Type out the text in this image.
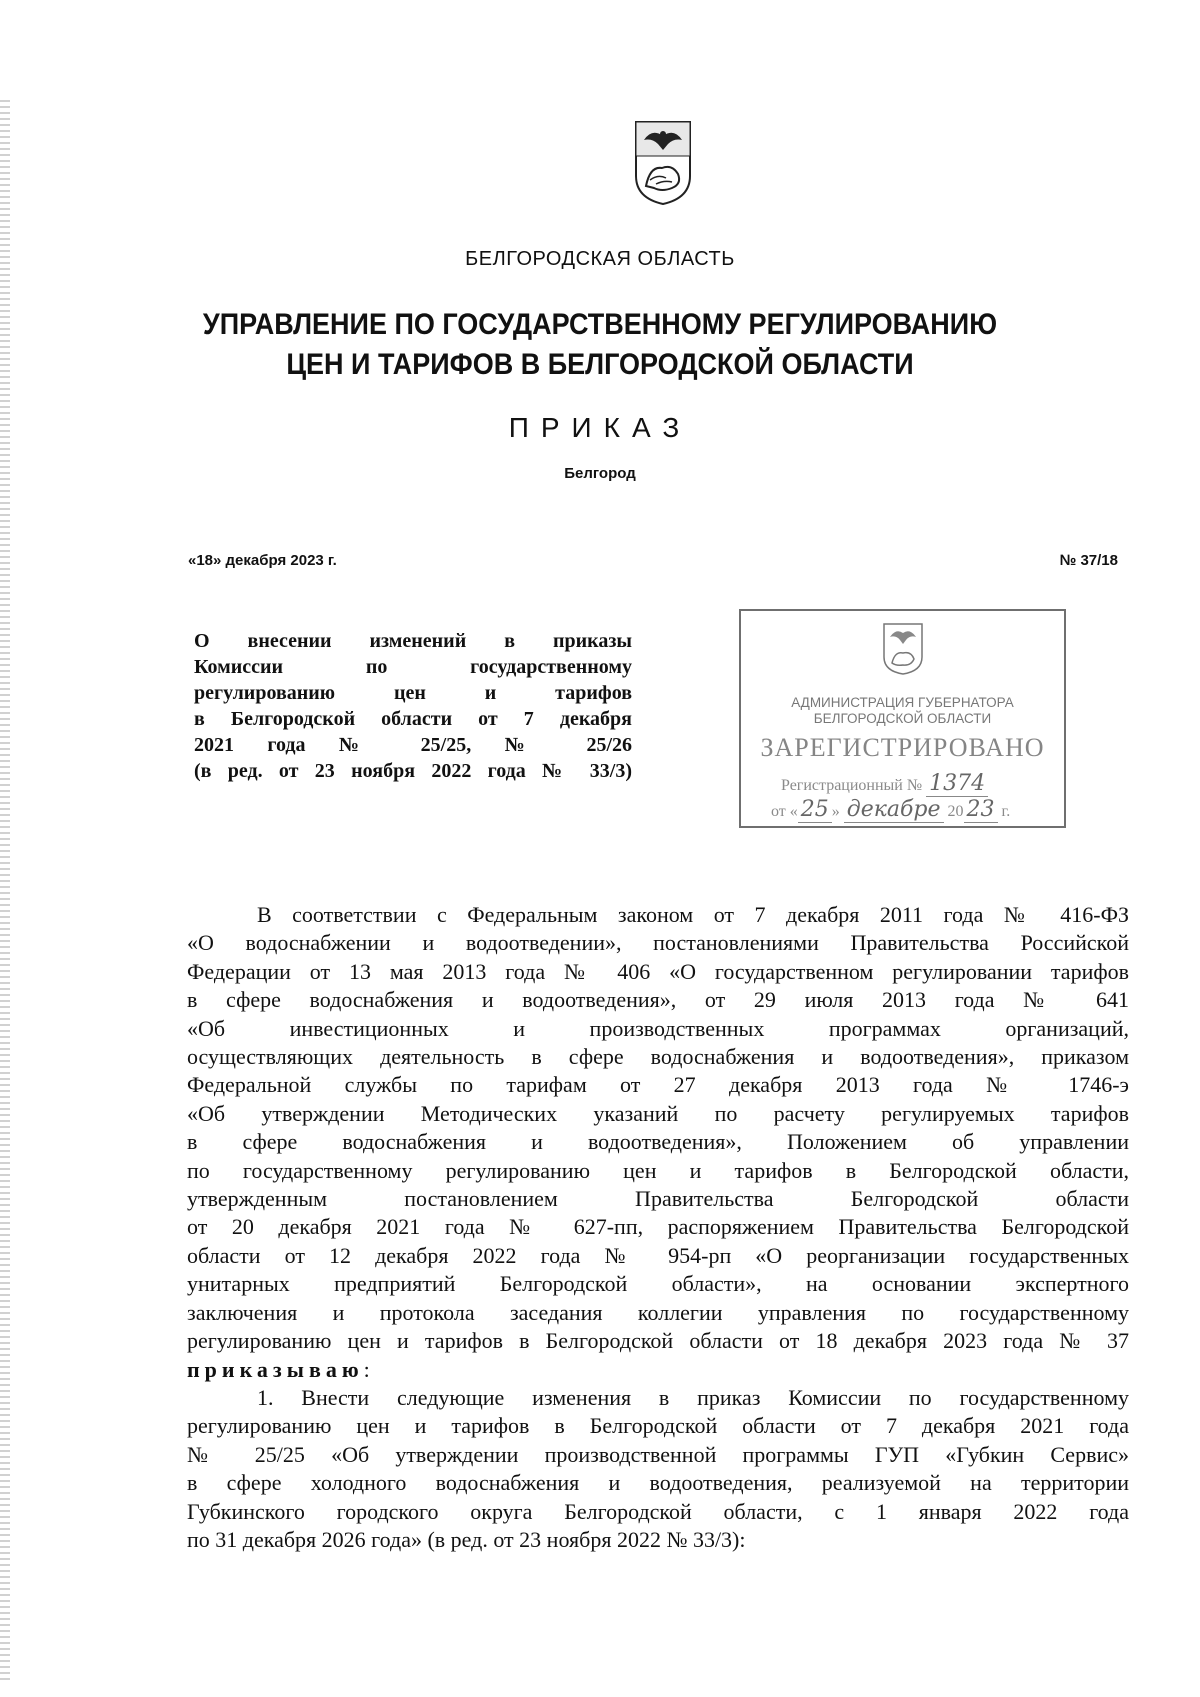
БЕЛГОРОДСКАЯ ОБЛАСТЬ
УПРАВЛЕНИЕ ПО ГОСУДАРСТВЕННОМУ РЕГУЛИРОВАНИЮ
ЦЕН И ТАРИФОВ В БЕЛГОРОДСКОЙ ОБЛАСТИ
ПРИКАЗ
Белгород
«18» декабря 2023 г.	№ 37/18
О внесении изменений в приказы
Комиссии по государственному
регулированию цен и тарифов
в Белгородской области от 7 декабря
2021 года № 25/25, № 25/26
(в ред. от 23 ноября 2022 года № 33/3)
АДМИНИСТРАЦИЯ ГУБЕРНАТОРА
БЕЛГОРОДСКОЙ ОБЛАСТИ
ЗАРЕГИСТРИРОВАНО
Регистрационный № 1374
от « 25 » декабре 20 23 г.
В соответствии с Федеральным законом от 7 декабря 2011 года № 416-ФЗ
«О водоснабжении и водоотведении», постановлениями Правительства Российской
Федерации от 13 мая 2013 года № 406 «О государственном регулировании тарифов
в сфере водоснабжения и водоотведения», от 29 июля 2013 года № 641
«Об инвестиционных и производственных программах организаций,
осуществляющих деятельность в сфере водоснабжения и водоотведения», приказом
Федеральной службы по тарифам от 27 декабря 2013 года № 1746-э
«Об утверждении Методических указаний по расчету регулируемых тарифов
в сфере водоснабжения и водоотведения», Положением об управлении
по государственному регулированию цен и тарифов в Белгородской области,
утвержденным постановлением Правительства Белгородской области
от 20 декабря 2021 года № 627-пп, распоряжением Правительства Белгородской
области от 12 декабря 2022 года № 954-рп «О реорганизации государственных
унитарных предприятий Белгородской области», на основании экспертного
заключения и протокола заседания коллегии управления по государственному
регулированию цен и тарифов в Белгородской области от 18 декабря 2023 года № 37
приказываю:
1. Внести следующие изменения в приказ Комиссии по государственному
регулированию цен и тарифов в Белгородской области от 7 декабря 2021 года
№ 25/25 «Об утверждении производственной программы ГУП «Губкин Сервис»
в сфере холодного водоснабжения и водоотведения, реализуемой на территории
Губкинского городского округа Белгородской области, с 1 января 2022 года
по 31 декабря 2026 года» (в ред. от 23 ноября 2022 № 33/3):
